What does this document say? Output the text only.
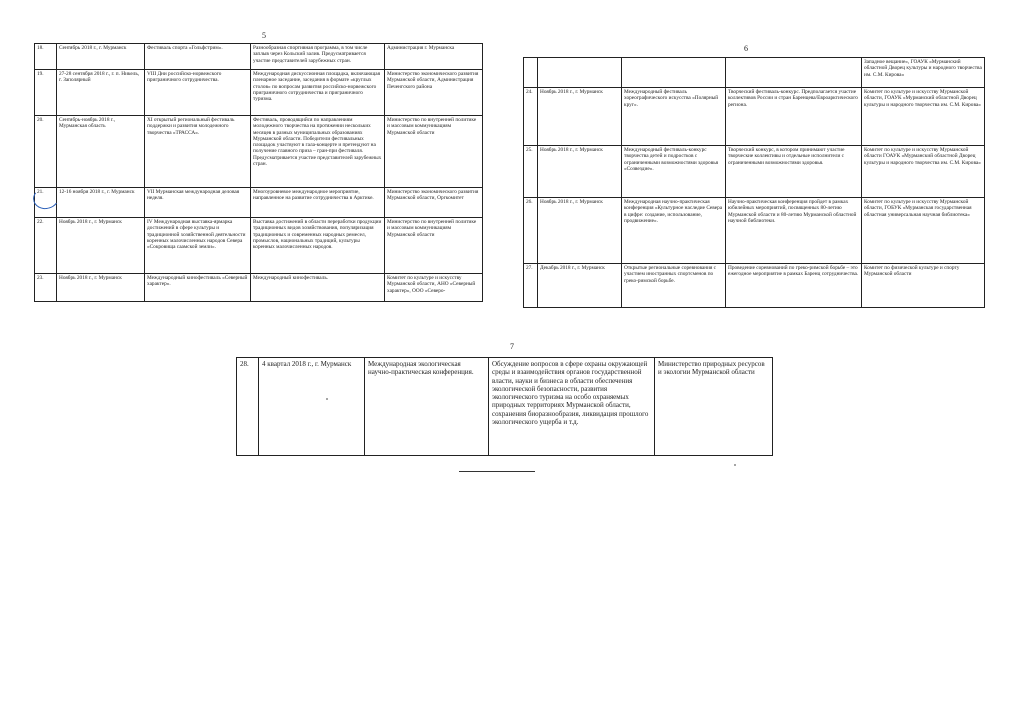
5
18.	Сентябрь 2018 г., г. Мурманск	Фестиваль спорта «Гольфстрим».	Разнообразная спортивная программа, в том числе заплыв через Кольский залив. Предусматривается участие представителей зарубежных стран.	Администрация г. Мурманска
19.	27-28 сентября 2018 г., г. п. Никель, г. Заполярный	VIII Дни российско-норвежского приграничного сотрудничества.	Международная дискуссионная площадка, включающая пленарное заседание, заседания в формате «круглых столов» по вопросам развития российско-норвежского приграничного сотрудничества и приграничного туризма.	Министерство экономического развития Мурманской области, Администрация Печенгского района
20.	Сентябрь-ноябрь 2018 г., Мурманская область	XI открытый региональный фестиваль поддержки и развития молодежного творчества «ТРАССА».	Фестиваль, проводящийся по направлениям молодежного творчества на протяжении нескольких месяцев в разных муниципальных образованиях Мурманской области. Победители фестивальных площадок участвуют в гала-концерте и претендуют на получение главного приза – гран-при фестиваля. Предусматривается участие представителей зарубежных стран.	Министерство по внутренней политике и массовым коммуникациям Мурманской области
21.	12-16 ноября 2018 г., г. Мурманск	VII Мурманская международная деловая неделя.	Многоуровневое международное мероприятие, направленное на развитие сотрудничества в Арктике.	Министерство экономического развития Мурманской области, Оргкомитет
22.	Ноябрь 2018 г., г. Мурманск	IV Международная выставка-ярмарка достижений в сфере культуры и традиционной хозяйственной деятельности коренных малочисленных народов Севера «Сокровища саамской земли».	Выставка достижений в области переработки продукции традиционных видов хозяйствования, популяризация традиционных и современных народных ремесел, промыслов, национальных традиций, культуры коренных малочисленных народов.	Министерство по внутренней политике и массовым коммуникациям Мурманской области
23.	Ноябрь 2018 г., г. Мурманск	Международный кинофестиваль «Северный характер».	Международный кинофестиваль.	Комитет по культуре и искусству Мурманской области, АНО «Северный характер», ООО «Северо-
6
				Западное вещание», ГОАУК «Мурманский областной Дворец культуры и народного творчества им. С.М. Кирова»
24.	Ноябрь 2018 г., г. Мурманск	Международный фестиваль хореографического искусства «Полярный круг».	Творческий фестиваль-конкурс. Предполагается участие коллективов России и стран Баренцева/Евроарктического региона.	Комитет по культуре и искусству Мурманской области, ГОАУК «Мурманский областной Дворец культуры и народного творчества им. С.М. Кирова»
25.	Ноябрь 2018 г., г. Мурманск	Международный фестиваль-конкурс творчества детей и подростков с ограниченными возможностями здоровья «Созвездие».	Творческий конкурс, в котором принимают участие творческие коллективы и отдельные исполнители с ограниченными возможностями здоровья.	Комитет по культуре и искусству Мурманской области ГОАУК «Мурманский областной Дворец культуры и народного творчества им. С.М. Кирова»
26.	Ноябрь 2018 г., г. Мурманск	Международная научно-практическая конференция «Культурное наследие Севера в цифре: создание, использование, продвижение».	Научно-практическая конференция пройдет в рамках юбилейных мероприятий, посвященных 80-летию Мурманской области и 80-летию Мурманской областной научной библиотеки.	Комитет по культуре и искусству Мурманской области, ГОБУК «Мурманская государственная областная универсальная научная библиотека»
27.	Декабрь 2018 г., г. Мурманск	Открытые региональные соревнования с участием иностранных спортсменов по греко-римской борьбе.	Проведение соревнований по греко-римской борьбе – это ежегодное мероприятие в рамках Баренц сотрудничества.	Комитет по физической культуре и спорту Мурманской области
7
28.	4 квартал 2018 г., г. Мурманск	Международная экологическая научно-практическая конференция.	Обсуждение вопросов в сфере охраны окружающей среды и взаимодействия органов государственной власти, науки и бизнеса в области обеспечения экологической безопасности, развития экологического туризма на особо охраняемых природных территориях Мурманской области, сохранения биоразнообразия, ликвидация прошлого экологического ущерба и т.д.	Министерство природных ресурсов и экологии Мурманской области
